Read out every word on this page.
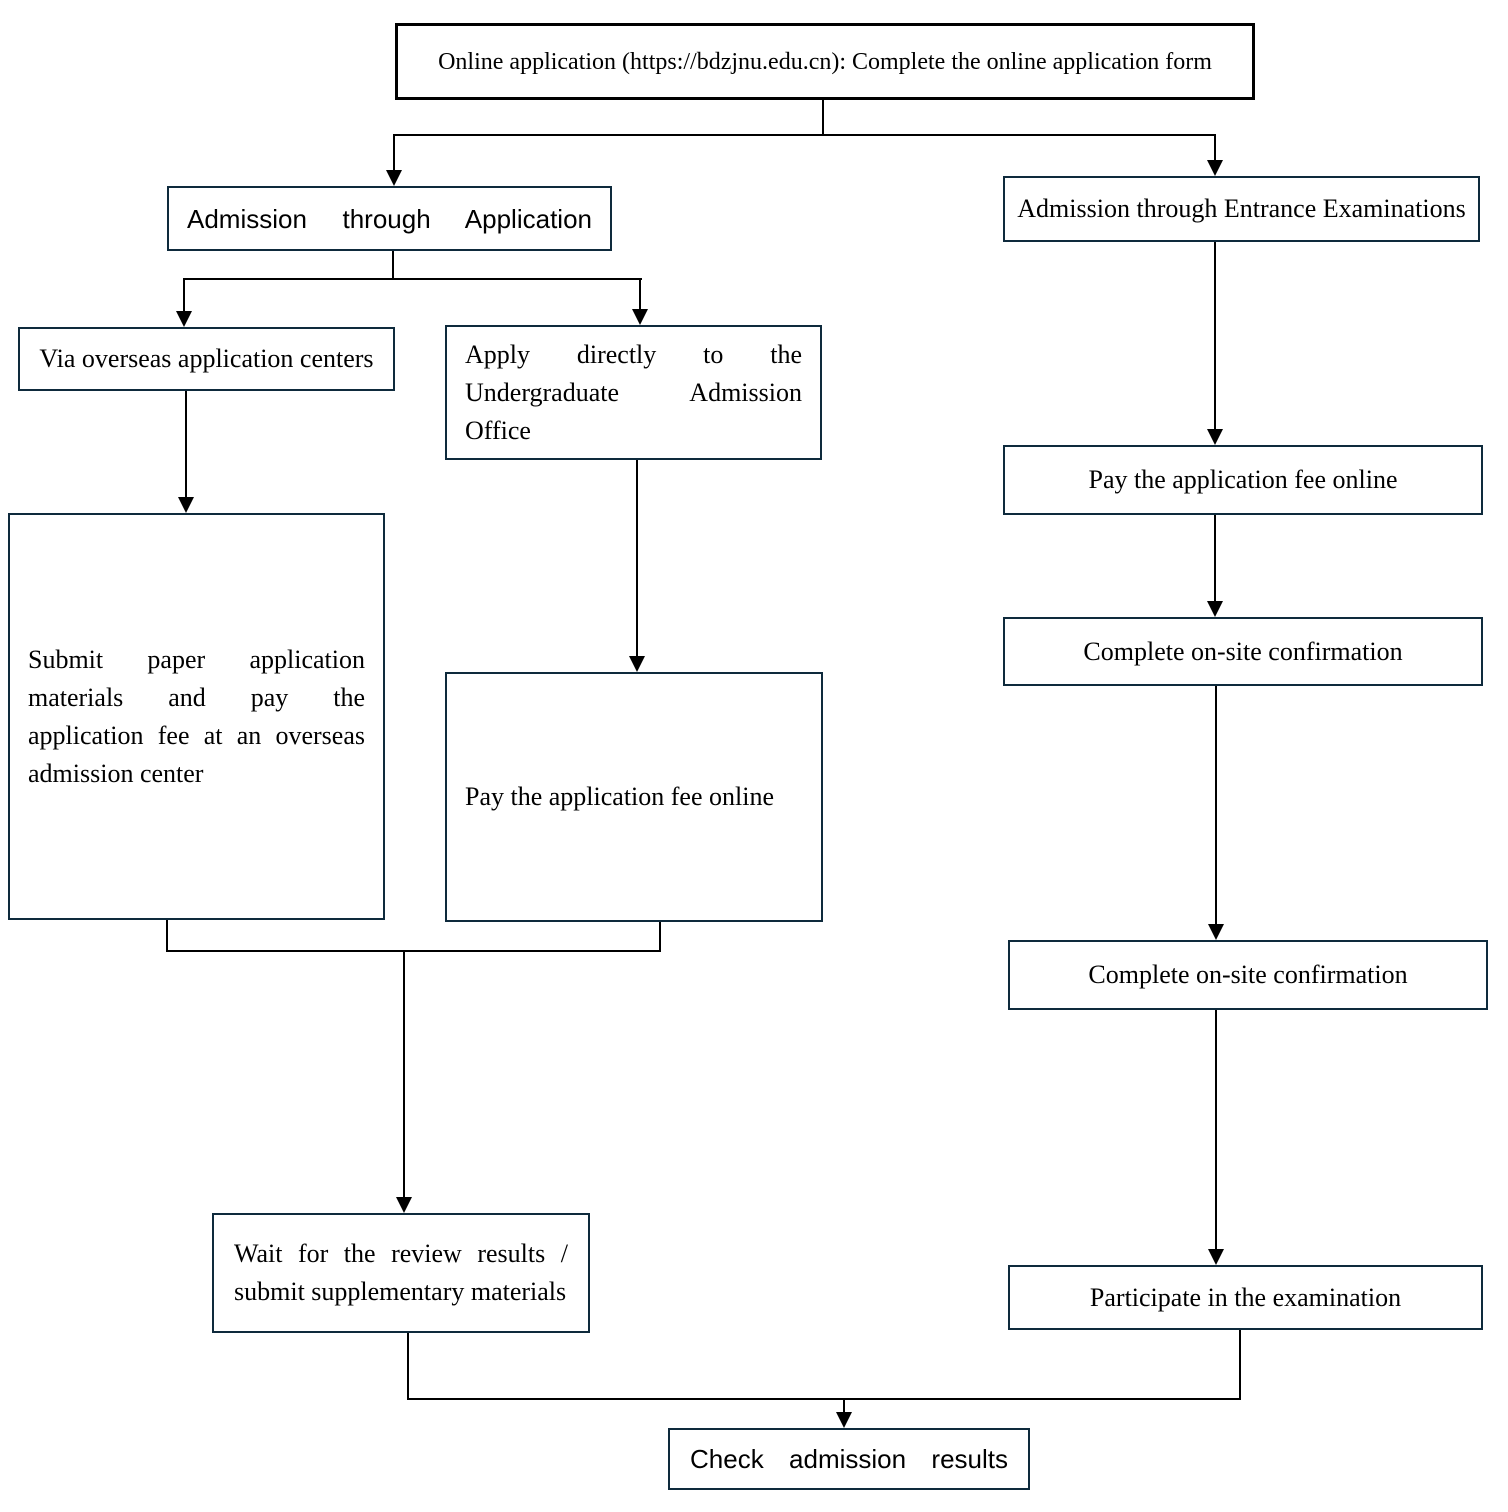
Online application (https://bdzjnu.edu.cn): Complete the online application form
Admission through Application	Admission through Entrance Examinations
Via overseas application centers	Apply directly to the Undergraduate Admission Office
Submit paper application materials and pay the application fee at an overseas admission center
Pay the application fee online
Wait for the review results / submit supplementary materials
Pay the application fee online
Complete on-site confirmation
Complete on-site confirmation
Participate in the examination
Check admission results
